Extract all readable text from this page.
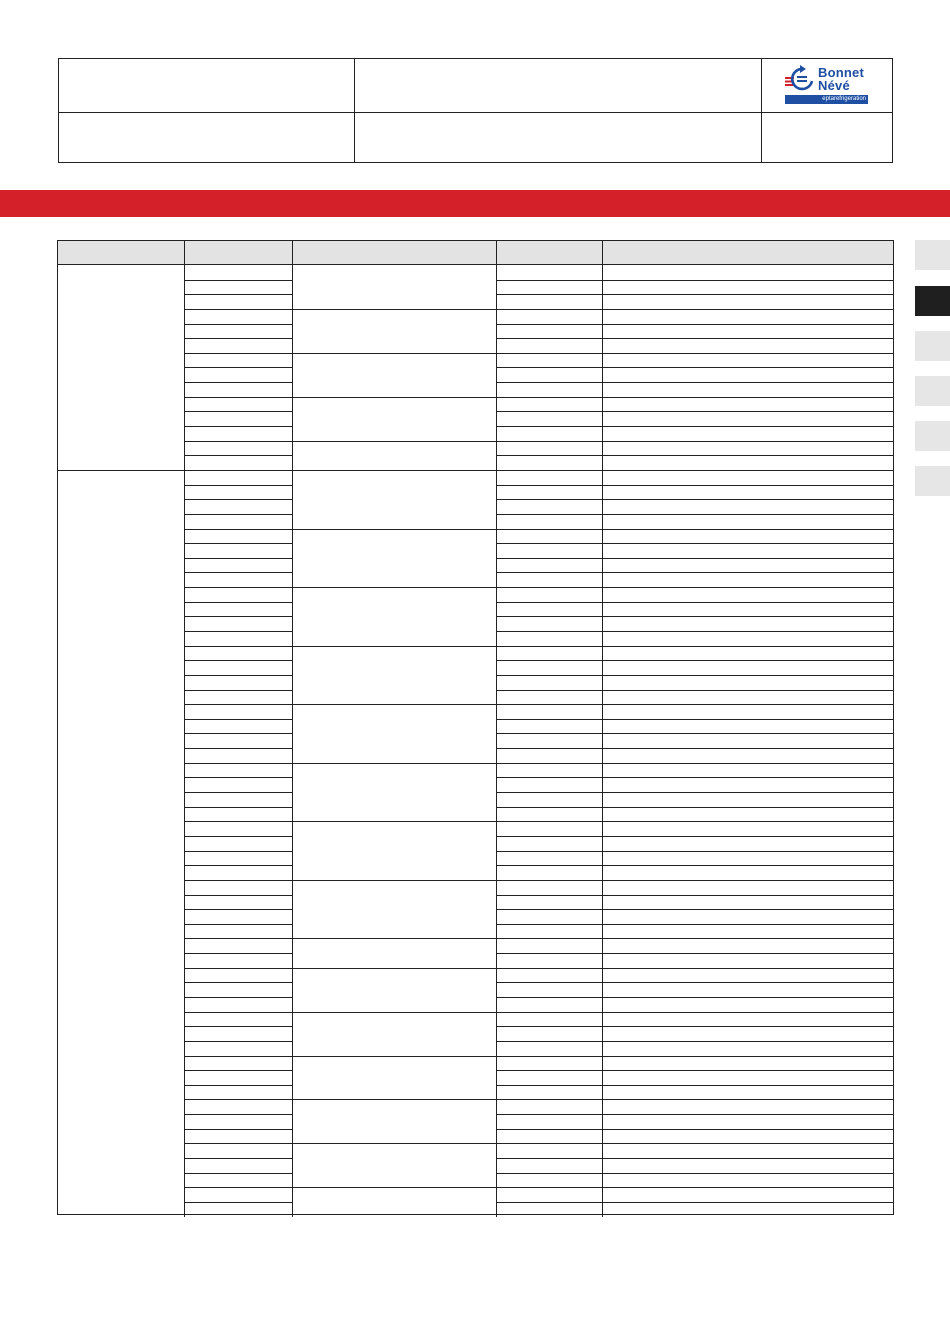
Bonnet
Névé
eptarefrigeration
